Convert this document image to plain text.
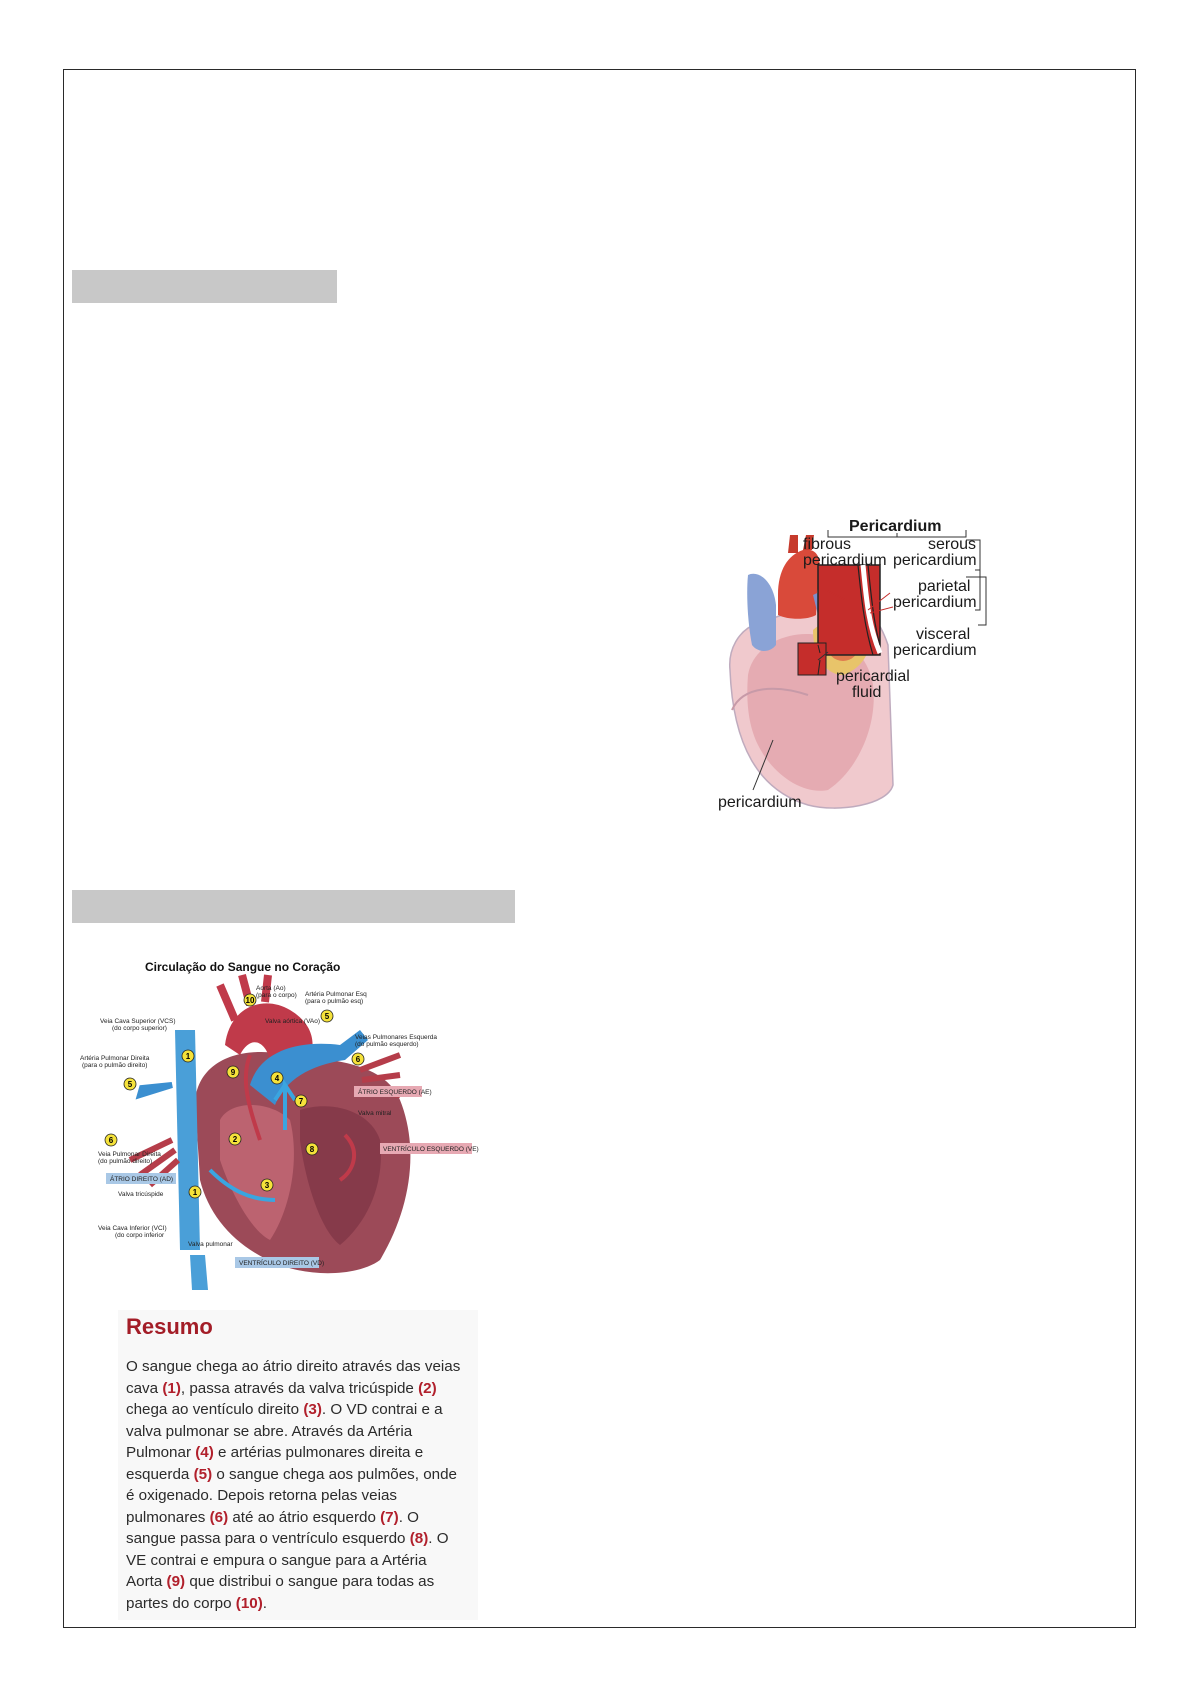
Pericardium
fibrous
pericardium
serous
pericardium
parietal
pericardium
visceral
pericardium
pericardial
fluid
pericardium
Circulação do Sangue no Coração
Aorta (Ao)
(para o corpo) Artéria Pulmonar Esq
(para o pulmão esq)
Veia Cava Superior (VCS)
(do corpo superior)
Valva aórtica (VAo)
Veias Pulmonares Esquerda
(do pulmão esquerdo)
Artéria Pulmonar Direita
(para o pulmão direito)
ÁTRIO ESQUERDO (AE)
Valva mitral
VENTRÍCULO ESQUERDO (VE)
Veia Pulmonar Direita
(do pulmão direito)
ÁTRIO DIREITO (AD)
Valva tricúspide
Veia Cava Inferior (VCI)
(do corpo inferior
Valva pulmonar
VENTRÍCULO DIREITO (VD)
10
5
1
9
4
6
5
7
8
2
3
1
6
Resumo

O sangue chega ao átrio direito através das veias cava (1), passa através da valva tricúspide (2) chega ao ventículo direito (3). O VD contrai e a valva pulmonar se abre. Através da Artéria Pulmonar (4) e artérias pulmonares direita e esquerda (5) o sangue chega aos pulmões, onde é oxigenado. Depois retorna pelas veias pulmonares (6) até ao átrio esquerdo (7). O sangue passa para o ventrículo esquerdo (8). O VE contrai e empura o sangue para a Artéria Aorta (9) que distribui o sangue para todas as partes do corpo (10).
